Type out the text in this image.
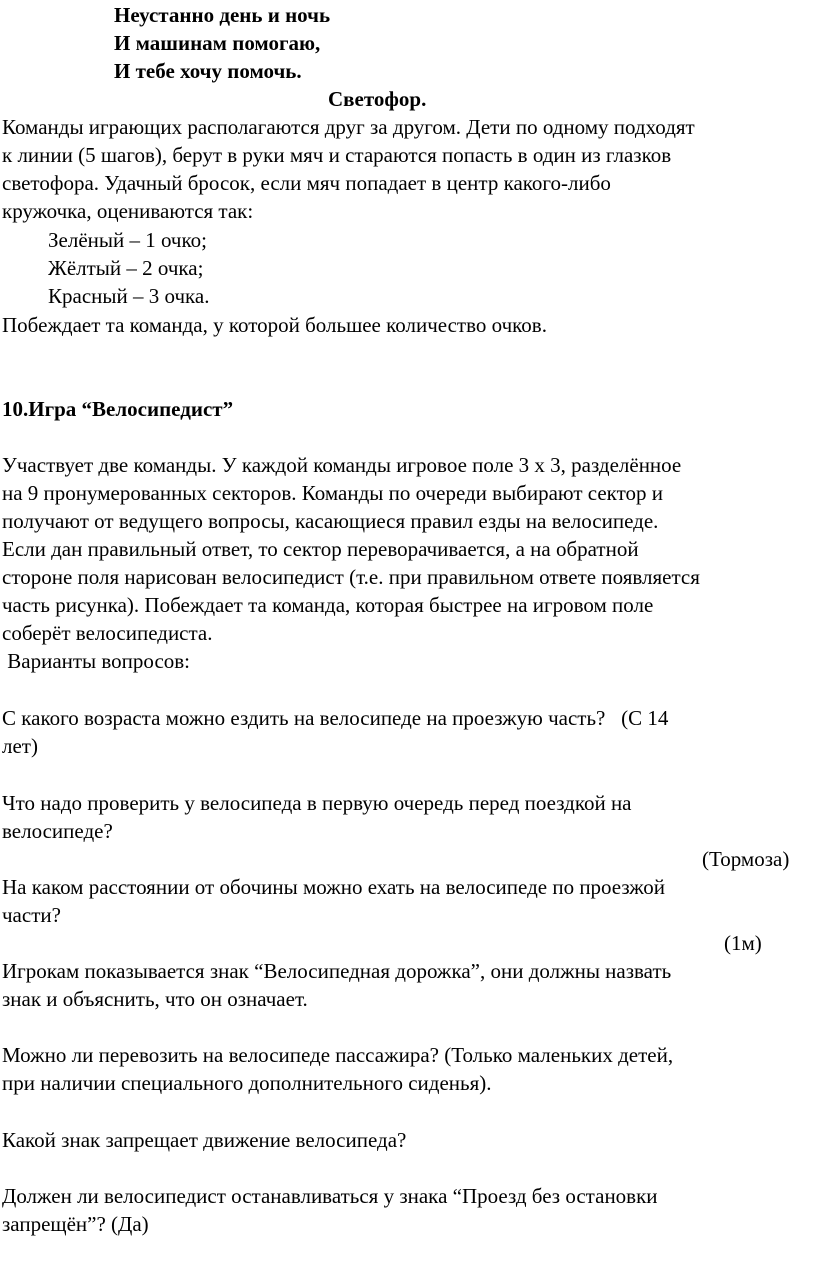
Неустанно день и ночь
И машинам помогаю,
И тебе хочу помочь.
Светофор.
Команды играющих располагаются друг за другом. Дети по одному подходят
к линии (5 шагов), берут в руки мяч и стараются попасть в один из глазков
светофора. Удачный бросок, если мяч попадает в центр какого-либо
кружочка, оцениваются так:
Зелёный – 1 очко;
Жёлтый – 2 очка;
Красный – 3 очка.
Побеждает та команда, у которой большее количество очков.
10.Игра “Велосипедист”
Участвует две команды. У каждой команды игровое поле 3 х 3, разделённое
на 9 пронумерованных секторов. Команды по очереди выбирают сектор и
получают от ведущего вопросы, касающиеся правил езды на велосипеде.
Если дан правильный ответ, то сектор переворачивается, а на обратной
стороне поля нарисован велосипедист (т.е. при правильном ответе появляется
часть рисунка). Побеждает та команда, которая быстрее на игровом поле
соберёт велосипедиста.
Варианты вопросов:
С какого возраста можно ездить на велосипеде на проезжую часть?   (С 14
лет)
Что надо проверить у велосипеда в первую очередь перед поездкой на
велосипеде?
(Тормоза)
На каком расстоянии от обочины можно ехать на велосипеде по проезжой
части?
(1м)
Игрокам показывается знак “Велосипедная дорожка”, они должны назвать
знак и объяснить, что он означает.
Можно ли перевозить на велосипеде пассажира? (Только маленьких детей,
при наличии специального дополнительного сиденья).
Какой знак запрещает движение велосипеда?
Должен ли велосипедист останавливаться у знака “Проезд без остановки
запрещён”? (Да)
